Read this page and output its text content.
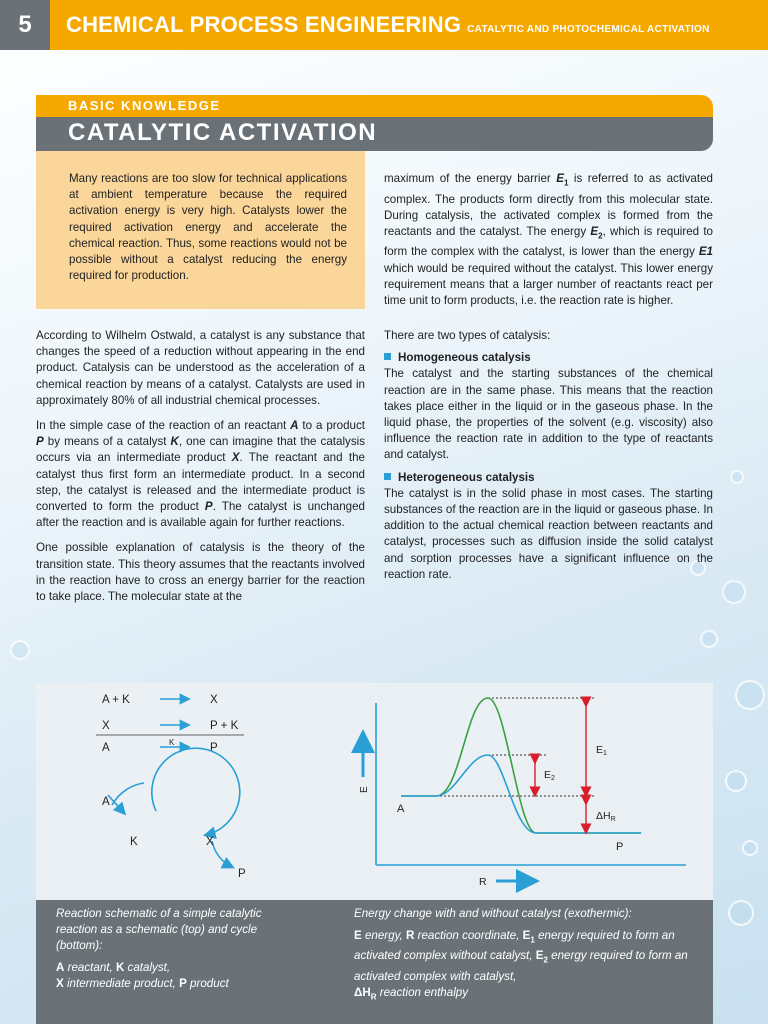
5	CHEMICAL PROCESS ENGINEERING CATALYTIC AND PHOTOCHEMICAL ACTIVATION
BASIC KNOWLEDGE
CATALYTIC ACTIVATION
Many reactions are too slow for technical applications at ambient temperature because the required activation energy is very high. Catalysts lower the required activation energy and accelerate the chemical reaction. Thus, some reactions would not be possible without a catalyst reducing the energy required for production.

According to Wilhelm Ostwald, a catalyst is any substance that changes the speed of a reduction without appearing in the end product. Catalysis can be understood as the acceleration of a chemical reaction by means of a catalyst. Catalysts are used in approximately 80% of all industrial chemical processes.

In the simple case of the reaction of an reactant A to a product P by means of a catalyst K, one can imagine that the catalysis occurs via an intermediate product X. The reactant and the catalyst thus first form an intermediate product. In a second step, the catalyst is released and the intermediate product is converted to form the product P. The catalyst is unchanged after the reaction and is available again for further reactions.

One possible explanation of catalysis is the theory of the transition state. This theory assumes that the reactants involved in the reaction have to cross an energy barrier for the reaction to take place. The molecular state at the

maximum of the energy barrier $E_1$ is referred to as activated complex. The products form directly from this molecular state. During catalysis, the activated complex is formed from the reactants and the catalyst. The energy $E_2$, which is required to form the complex with the catalyst, is lower than the energy E1 which would be required without the catalyst. This lower energy requirement means that a larger number of reactants react per time unit to form products, i.e. the reaction rate is higher.

There are two types of catalysis:

Homogeneous catalysis

The catalyst and the starting substances of the chemical reaction are in the same phase. This means that the reaction takes place either in the liquid or in the gaseous phase. In the liquid phase, the properties of the solvent (e.g. viscosity) also influence the reaction rate in addition to the type of reactants and catalyst.

Heterogeneous catalysis

The catalyst is in the solid phase in most cases. The starting substances of the reaction are in the liquid or gaseous phase. In addition to the actual chemical reaction between reactants and catalyst, processes such as diffusion inside the solid catalyst and sorption processes have a significant influence on the reaction rate.

A + K	X
X	P + K
A	K	P
A
K	X
P
E
R
E1
E2
ΔHR
A
P

Reaction schematic of a simple catalytic reaction as a schematic (top) and cycle (bottom):

A reactant, K catalyst,
X intermediate product, P product

Energy change with and without catalyst (exothermic):

E energy, R reaction coordinate, $E_1$ energy required to form an activated complex without catalyst, $E_2$ energy required to form an activated complex with catalyst,
$\Delta H_R$ reaction enthalpy
